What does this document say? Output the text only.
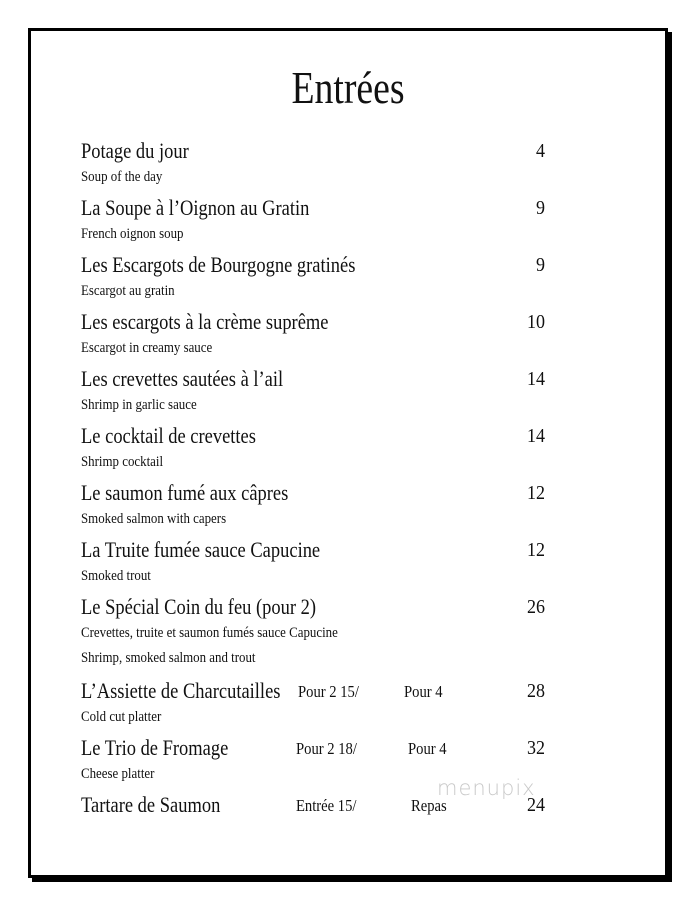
Entrées
Potage du jour	4
Soup of the day
La Soupe à l’Oignon au Gratin	9
French oignon soup
Les Escargots de Bourgogne gratinés	9
Escargot au gratin
Les escargots à la crème suprême	10
Escargot in creamy sauce
Les crevettes sautées à l’ail	14
Shrimp in garlic sauce
Le cocktail de crevettes	14
Shrimp cocktail
Le saumon fumé aux câpres	12
Smoked salmon with capers
La Truite fumée sauce Capucine	12
Smoked trout
Le Spécial Coin du feu (pour 2)	26
Crevettes, truite et saumon fumés sauce Capucine
Shrimp, smoked salmon and trout
L’Assiette de Charcutailles Pour 2 15/	Pour 4	28
Cold cut platter
Le Trio de Fromage	Pour 2 18/	Pour 4	32
Cheese platter
Tartare de Saumon	Entrée 15/	Repas	24
menupix
